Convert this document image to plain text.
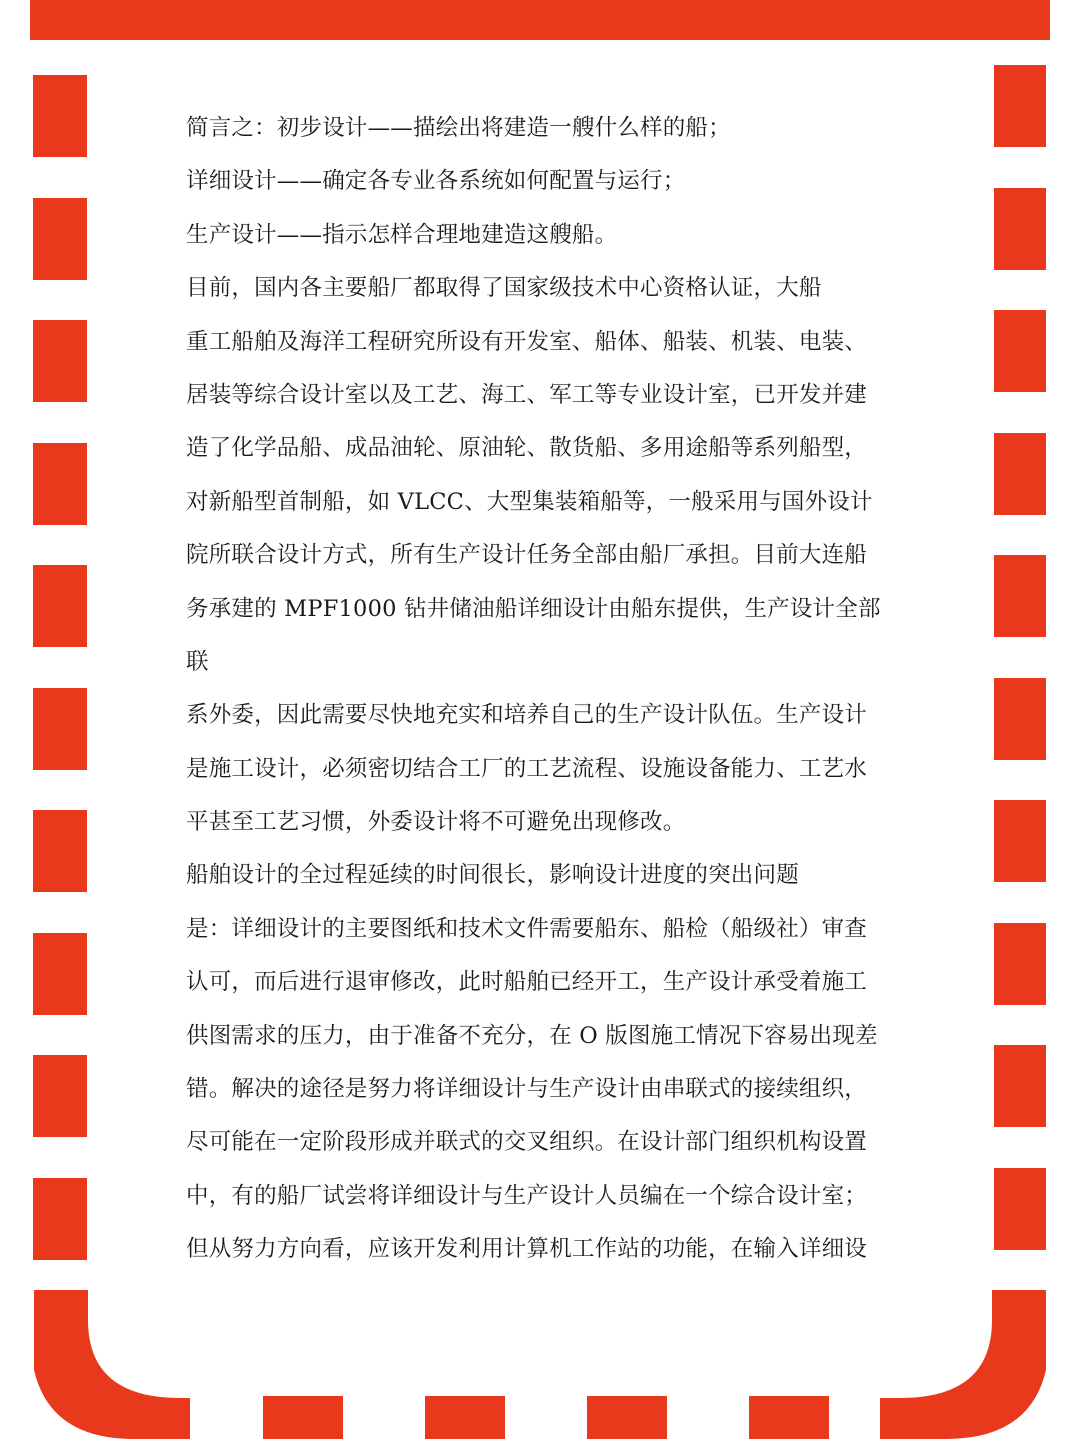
简言之：初步设计——描绘出将建造一艘什么样的船；
详细设计——确定各专业各系统如何配置与运行；
生产设计——指示怎样合理地建造这艘船。
目前，国内各主要船厂都取得了国家级技术中心资格认证，大船
重工船舶及海洋工程研究所设有开发室、船体、船装、机装、电装、
居装等综合设计室以及工艺、海工、军工等专业设计室，已开发并建
造了化学品船、成品油轮、原油轮、散货船、多用途船等系列船型，
对新船型首制船，如 VLCC、大型集装箱船等，一般采用与国外设计
院所联合设计方式，所有生产设计任务全部由船厂承担。目前大连船
务承建的 MPF1000 钻井储油船详细设计由船东提供，生产设计全部
联
系外委，因此需要尽快地充实和培养自己的生产设计队伍。生产设计
是施工设计，必须密切结合工厂的工艺流程、设施设备能力、工艺水
平甚至工艺习惯，外委设计将不可避免出现修改。
船舶设计的全过程延续的时间很长，影响设计进度的突出问题
是：详细设计的主要图纸和技术文件需要船东、船检（船级社）审查
认可，而后进行退审修改，此时船舶已经开工，生产设计承受着施工
供图需求的压力，由于准备不充分，在 O 版图施工情况下容易出现差
错。解决的途径是努力将详细设计与生产设计由串联式的接续组织，
尽可能在一定阶段形成并联式的交叉组织。在设计部门组织机构设置
中，有的船厂试尝将详细设计与生产设计人员编在一个综合设计室；
但从努力方向看，应该开发利用计算机工作站的功能，在输入详细设
